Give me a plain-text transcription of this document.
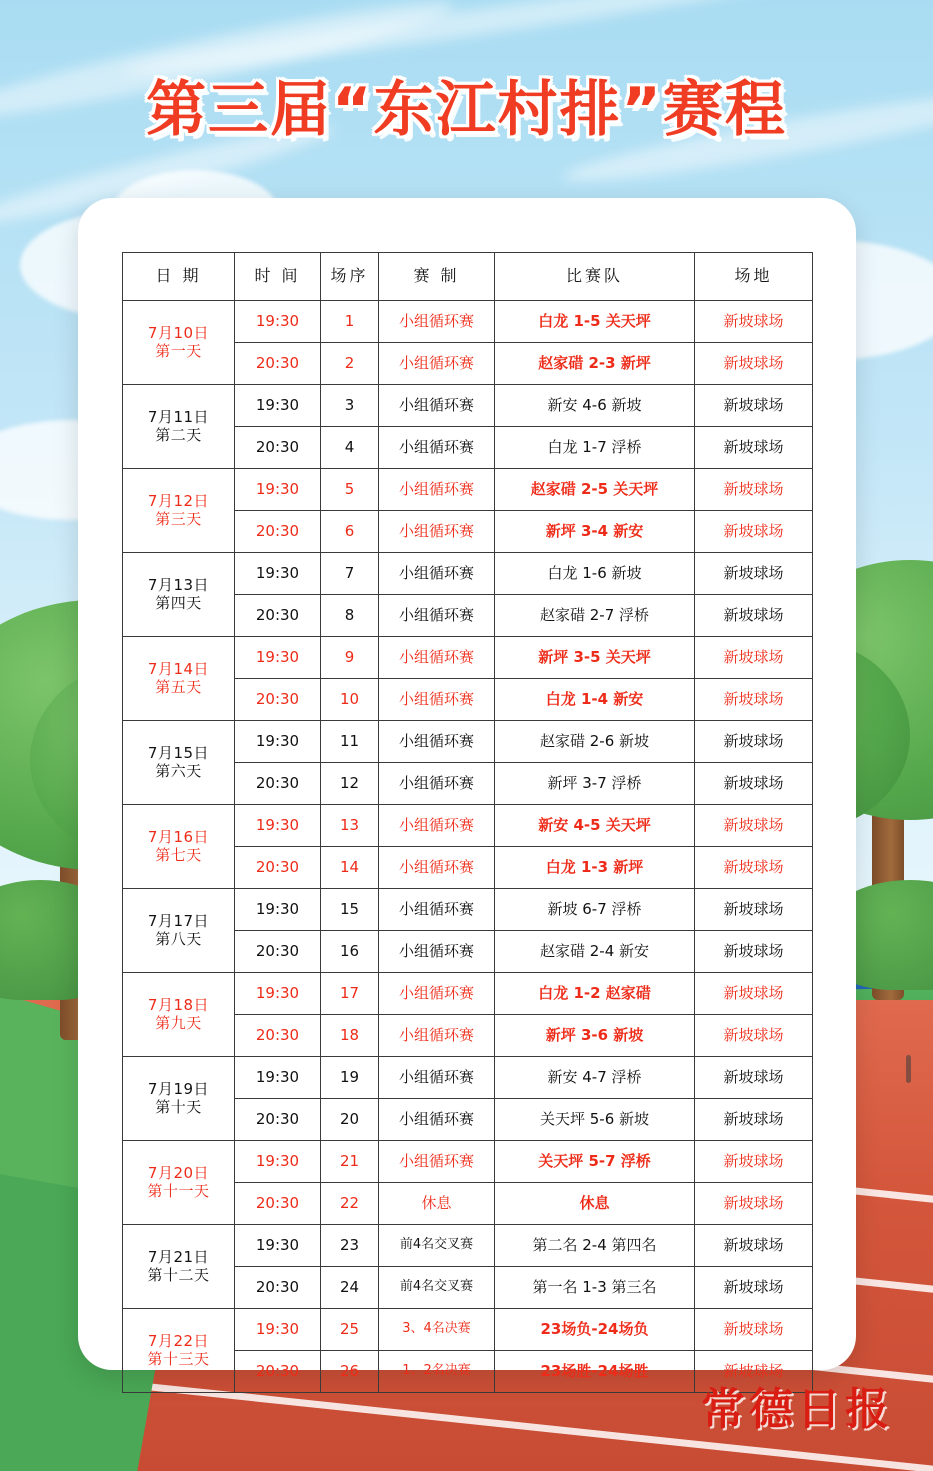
第三届“东江村排”赛程
日 期	时 间	场序	赛 制	比赛队	场地
7月10日
第一天	19:30	1	小组循环赛	白龙 1-5 关天坪	新坡球场
	20:30	2	小组循环赛	赵家碏 2-3 新坪	新坡球场
7月11日
第二天	19:30	3	小组循环赛	新安 4-6 新坡	新坡球场
	20:30	4	小组循环赛	白龙 1-7 浮桥	新坡球场
7月12日
第三天	19:30	5	小组循环赛	赵家碏 2-5 关天坪	新坡球场
	20:30	6	小组循环赛	新坪 3-4 新安	新坡球场
7月13日
第四天	19:30	7	小组循环赛	白龙 1-6 新坡	新坡球场
	20:30	8	小组循环赛	赵家碏 2-7 浮桥	新坡球场
7月14日
第五天	19:30	9	小组循环赛	新坪 3-5 关天坪	新坡球场
	20:30	10	小组循环赛	白龙 1-4 新安	新坡球场
7月15日
第六天	19:30	11	小组循环赛	赵家碏 2-6 新坡	新坡球场
	20:30	12	小组循环赛	新坪 3-7 浮桥	新坡球场
7月16日
第七天	19:30	13	小组循环赛	新安 4-5 关天坪	新坡球场
	20:30	14	小组循环赛	白龙 1-3 新坪	新坡球场
7月17日
第八天	19:30	15	小组循环赛	新坡 6-7 浮桥	新坡球场
	20:30	16	小组循环赛	赵家碏 2-4 新安	新坡球场
7月18日
第九天	19:30	17	小组循环赛	白龙 1-2 赵家碏	新坡球场
	20:30	18	小组循环赛	新坪 3-6 新坡	新坡球场
7月19日
第十天	19:30	19	小组循环赛	新安 4-7 浮桥	新坡球场
	20:30	20	小组循环赛	关天坪 5-6 新坡	新坡球场
7月20日
第十一天	19:30	21	小组循环赛	关天坪 5-7 浮桥	新坡球场
	20:30	22	休息	休息	新坡球场
7月21日
第十二天	19:30	23	前4名交叉赛	第二名 2-4 第四名	新坡球场
	20:30	24	前4名交叉赛	第一名 1-3 第三名	新坡球场
7月22日
第十三天	19:30	25	3、4名决赛	23场负-24场负	新坡球场
	20:30	26	1、2名决赛	23场胜-24场胜	新坡球场
常德日报
